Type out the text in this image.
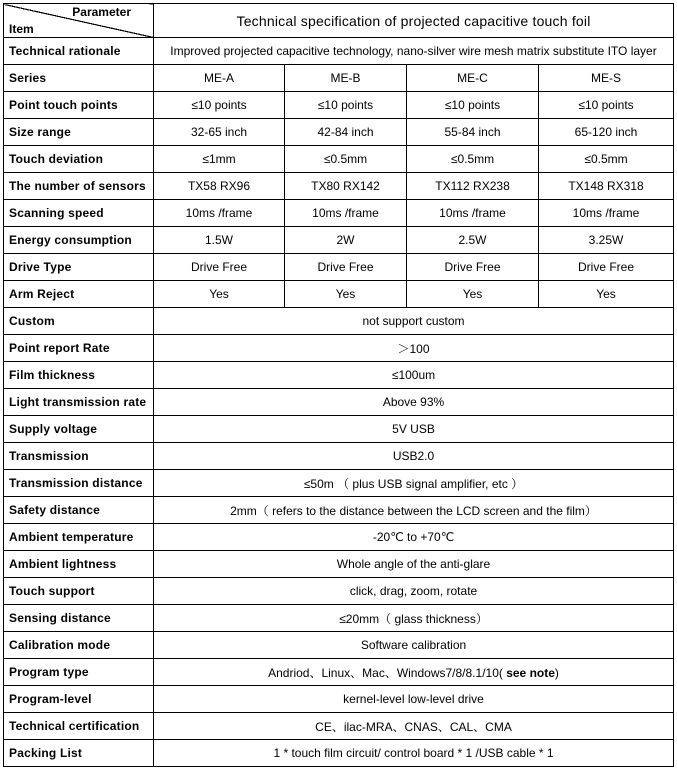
Parameter
Item	Technical specification of projected capacitive touch foil			
Technical rationale	Improved projected capacitive technology, nano-silver wire mesh matrix substitute ITO layer			
Series	ME-A	ME-B	ME-C	ME-S
Point touch points	≤10 points	≤10 points	≤10 points	≤10 points
Size range	32-65 inch	42-84 inch	55-84 inch	65-120 inch
Touch deviation	≤1mm	≤0.5mm	≤0.5mm	≤0.5mm
The number of sensors	TX58 RX96	TX80 RX142	TX112 RX238	TX148 RX318
Scanning speed	10ms /frame	10ms /frame	10ms /frame	10ms /frame
Energy consumption	1.5W	2W	2.5W	3.25W
Drive Type	Drive Free	Drive Free	Drive Free	Drive Free
Arm Reject	Yes	Yes	Yes	Yes
Custom	not support custom			
Point report Rate	＞100			
Film thickness	≤100um			
Light transmission rate	Above 93%			
Supply voltage	5V USB			
Transmission	USB2.0			
Transmission distance	≤50m （ plus USB signal amplifier, etc ）			
Safety distance	2mm（ refers to the distance between the LCD screen and the film）			
Ambient temperature	-20℃ to +70℃			
Ambient lightness	Whole angle of the anti-glare			
Touch support	click, drag, zoom, rotate			
Sensing distance	≤20mm（ glass thickness）			
Calibration mode	Software calibration			
Program type	Andriod、Linux、Mac、Windows7/8/8.1/10( see note)			
Program-level	kernel-level low-level drive			
Technical certification	CE、ilac-MRA、CNAS、CAL、CMA			
Packing List	1 * touch film circuit/ control board * 1 /USB cable * 1			
